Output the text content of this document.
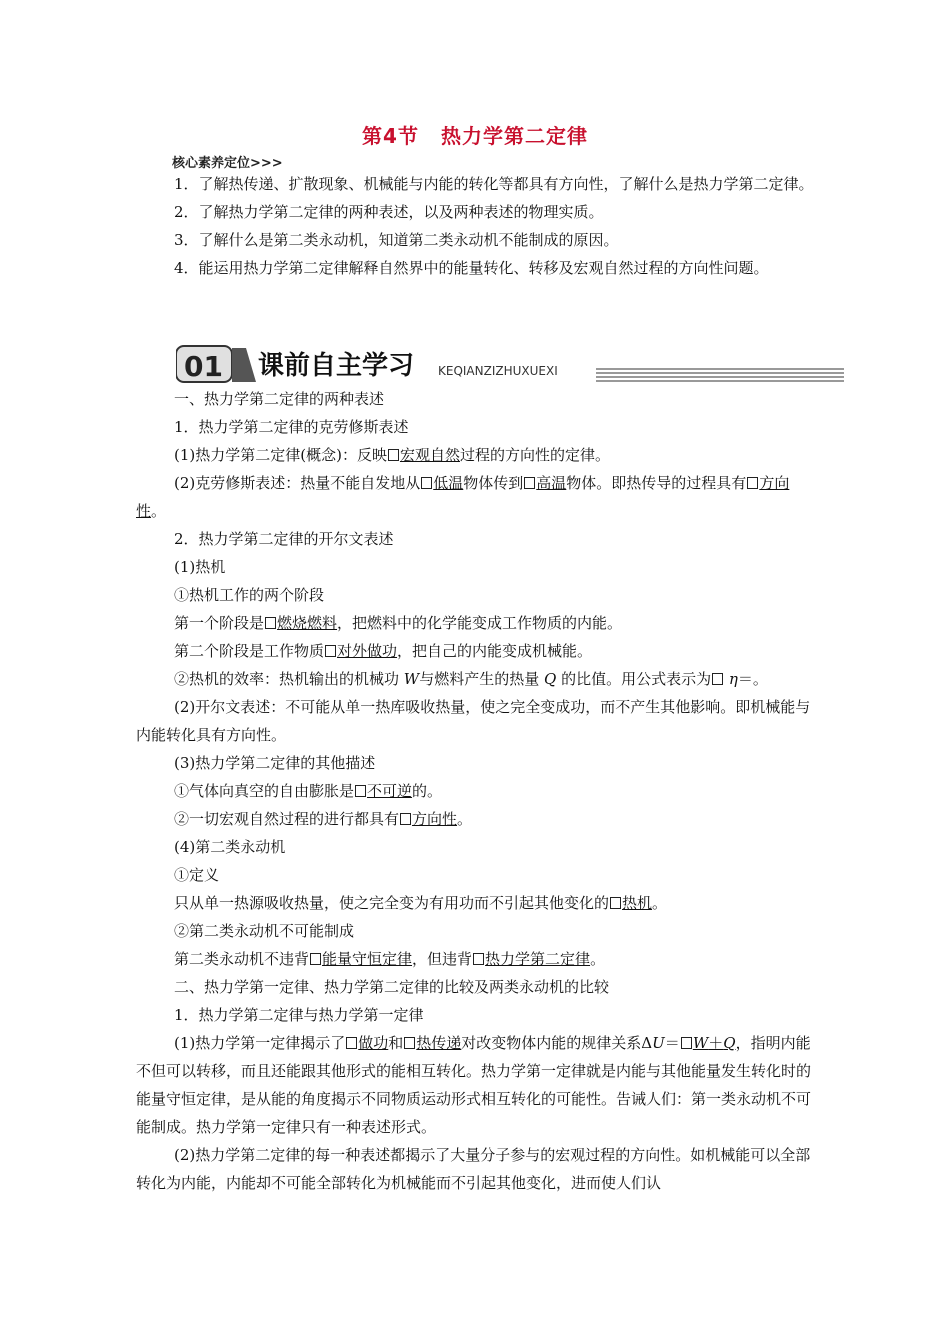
第4节 热力学第二定律
核心素养定位>>>

1．了解热传递、扩散现象、机械能与内能的转化等都具有方向性，了解什么是热力学第二定律。

2．了解热力学第二定律的两种表述，以及两种表述的物理实质。

3．了解什么是第二类永动机，知道第二类永动机不能制成的原因。

4．能运用热力学第二定律解释自然界中的能量转化、转移及宏观自然过程的方向性问题。

01 课前自主学习 KEQIANZIZHUXUEXI

一、热力学第二定律的两种表述

1．热力学第二定律的克劳修斯表述

(1)热力学第二定律(概念)：反映 宏观自然过程的方向性的定律。

(2)克劳修斯表述：热量不能自发地从 低温物体传到 高温物体。即热传导的过程具有 方向性。

2．热力学第二定律的开尔文表述

(1)热机

①热机工作的两个阶段

第一个阶段是 燃烧燃料，把燃料中的化学能变成工作物质的内能。

第二个阶段是工作物质 对外做功，把自己的内能变成机械能。

②热机的效率：热机输出的机械功 W与燃料产生的热量 Q 的比值。用公式表示为 η＝。

(2)开尔文表述：不可能从单一热库吸收热量，使之完全变成功，而不产生其他影响。即机械能与内能转化具有方向性。

(3)热力学第二定律的其他描述

①气体向真空的自由膨胀是 不可逆的。

②一切宏观自然过程的进行都具有 方向性。

(4)第二类永动机

①定义

只从单一热源吸收热量，使之完全变为有用功而不引起其他变化的 热机。

②第二类永动机不可能制成

第二类永动机不违背 能量守恒定律，但违背 热力学第二定律。

二、热力学第一定律、热力学第二定律的比较及两类永动机的比较

1．热力学第二定律与热力学第一定律

(1)热力学第一定律揭示了 做功和 热传递对改变物体内能的规律关系ΔU＝ W＋Q，指明内能不但可以转移，而且还能跟其他形式的能相互转化。热力学第一定律就是内能与其他能量发生转化时的能量守恒定律，是从能的角度揭示不同物质运动形式相互转化的可能性。告诫人们：第一类永动机不可能制成。热力学第一定律只有一种表述形式。

(2)热力学第二定律的每一种表述都揭示了大量分子参与的宏观过程的方向性。如机械能可以全部转化为内能，内能却不可能全部转化为机械能而不引起其他变化，进而使人们认
